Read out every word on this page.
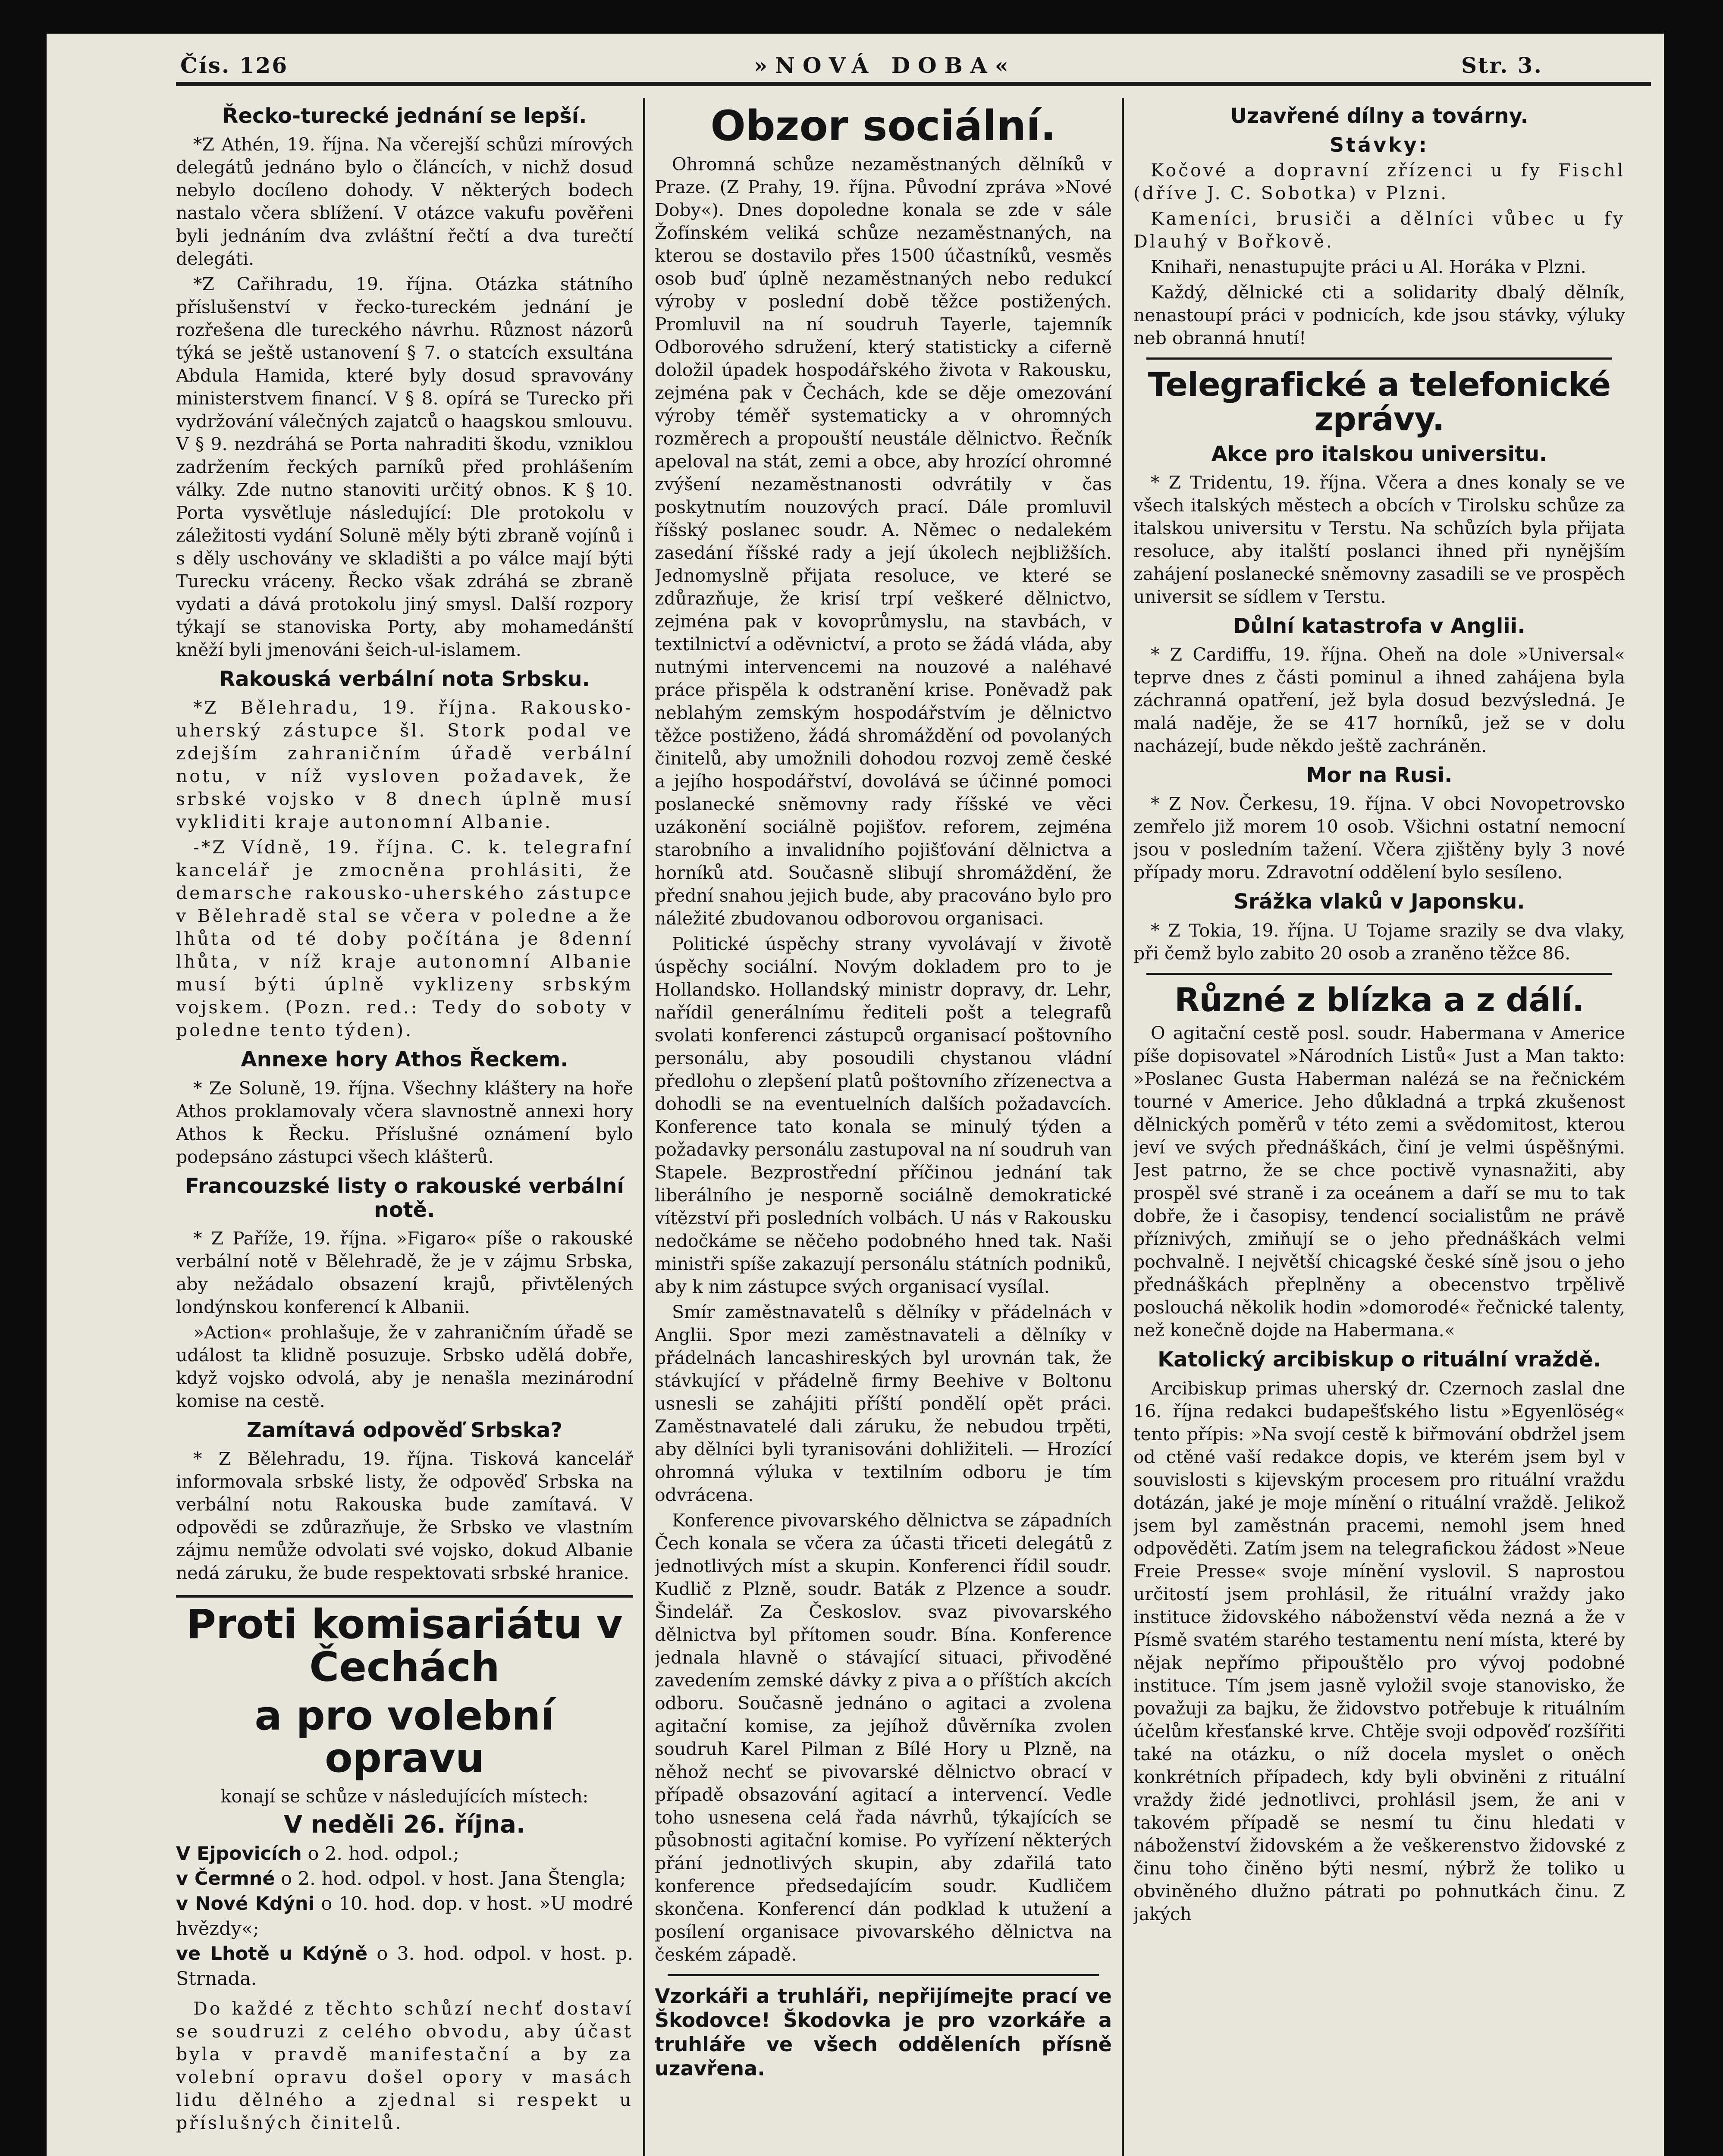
Čís. 126	»NOVÁ DOBA«	Str. 3.
Řecko-turecké jednání se lepší.

*Z Athén, 19. října. Na včerejší schůzi mírových delegátů jednáno bylo o článcích, v nichž dosud nebylo docíleno dohody. V některých bodech nastalo včera sblížení. V otázce vakufu pověřeni byli jednáním dva zvláštní řečtí a dva turečtí delegáti.

*Z Cařihradu, 19. října. Otázka státního příslušenství v řecko-tureckém jednání je rozřešena dle tureckého návrhu. Různost názorů týká se ještě ustanovení § 7. o statcích exsultána Abdula Hamida, které byly dosud spravovány ministerstvem financí. V § 8. opírá se Turecko při vydržování válečných zajatců o haagskou smlouvu. V § 9. nezdráhá se Porta nahraditi škodu, vzniklou zadržením řeckých parníků před prohlášením války. Zde nutno stanoviti určitý obnos. K § 10. Porta vysvětluje následující: Dle protokolu v záležitosti vydání Solunë měly býti zbraně vojínů i s děly uschovány ve skladišti a po válce mají býti Turecku vráceny. Řecko však zdráhá se zbraně vydati a dává protokolu jiný smysl. Další rozpory týkají se stanoviska Porty, aby mohamedánští kněží byli jmenováni šeich-ul-islamem.

Rakouská verbální nota Srbsku.

*Z Bělehradu, 19. října. Rakousko-uherský zástupce šl. Stork podal ve zdejším zahraničním úřadě verbální notu, v níž vysloven požadavek, že srbské vojsko v 8 dnech úplně musí vykliditi kraje autonomní Albanie.

-*Z Vídně, 19. října. C. k. telegrafní kancelář je zmocněna prohlásiti, že demarsche rakousko-uherského zástupce v Bělehradě stal se včera v poledne a že lhůta od té doby počítána je 8denní lhůta, v níž kraje autonomní Albanie musí býti úplně vyklizeny srbským vojskem. (Pozn. red.: Tedy do soboty v poledne tento týden).

Annexe hory Athos Řeckem.

* Ze Soluně, 19. října. Všechny kláštery na hoře Athos proklamovaly včera slavnostně annexi hory Athos k Řecku. Příslušné oznámení bylo podepsáno zástupci všech klášterů.

Francouzské listy o rakouské verbální notě.

* Z Paříže, 19. října. »Figaro« píše o rakouské verbální notě v Bělehradě, že je v zájmu Srbska, aby nežádalo obsazení krajů, přivtělených londýnskou konferencí k Albanii.

»Action« prohlašuje, že v zahraničním úřadě se událost ta klidně posuzuje. Srbsko udělá dobře, když vojsko odvolá, aby je nenašla mezinárodní komise na cestě.

Zamítavá odpověď Srbska?

* Z Bělehradu, 19. října. Tisková kancelář informovala srbské listy, že odpověď Srbska na verbální notu Rakouska bude zamítavá. V odpovědi se zdůrazňuje, že Srbsko ve vlastním zájmu nemůže odvolati své vojsko, dokud Albanie nedá záruku, že bude respektovati srbské hranice.

Proti komisariátu v Čechách
a pro volební opravu

konají se schůze v následujících místech:

V neděli 26. října.

V Ejpovicích o 2. hod. odpol.;

v Čermné o 2. hod. odpol. v host. Jana Štengla;

v Nové Kdýni o 10. hod. dop. v host. »U modré hvězdy«;

ve Lhotě u Kdýně o 3. hod. odpol. v host. p. Strnada.

Do každé z těchto schůzí nechť dostaví se soudruzi z celého obvodu, aby účast byla v pravdě manifestační a by za volební opravu došel opory v masách lidu dělného a zjednal si respekt u příslušných činitelů.

Obzor sociální.

Ohromná schůze nezaměstnaných dělníků v Praze. (Z Prahy, 19. října. Původní zpráva »Nové Doby«). Dnes dopoledne konala se zde v sále Žofínském veliká schůze nezaměstnaných, na kterou se dostavilo přes 1500 účastníků, vesměs osob buď úplně nezaměstnaných nebo redukcí výroby v poslední době těžce postižených. Promluvil na ní soudruh Tayerle, tajemník Odborového sdružení, který statisticky a ciferně doložil úpadek hospodářského života v Rakousku, zejména pak v Čechách, kde se děje omezování výroby téměř systematicky a v ohromných rozměrech a propouští neustále dělnictvo. Řečník apeloval na stát, zemi a obce, aby hrozící ohromné zvýšení nezaměstnanosti odvrátily v čas poskytnutím nouzových prací. Dále promluvil říšský poslanec soudr. A. Němec o nedalekém zasedání říšské rady a její úkolech nejbližších. Jednomyslně přijata resoluce, ve které se zdůrazňuje, že krisí trpí veškeré dělnictvo, zejména pak v kovoprůmyslu, na stavbách, v textilnictví a oděvnictví, a proto se žádá vláda, aby nutnými intervencemi na nouzové a naléhavé práce přispěla k odstranění krise. Poněvadž pak neblahým zemským hospodářstvím je dělnictvo těžce postiženo, žádá shromáždění od povolaných činitelů, aby umožnili dohodou rozvoj země české a jejího hospodářství, dovolává se účinné pomoci poslanecké sněmovny rady říšské ve věci uzákonění sociálně pojišťov. reforem, zejména starobního a invalidního pojišťování dělnictva a horníků atd. Současně slibují shromáždění, že přední snahou jejich bude, aby pracováno bylo pro náležité zbudovanou odborovou organisaci.

Politické úspěchy strany vyvolávají v životě úspěchy sociální. Novým dokladem pro to je Hollandsko. Hollandský ministr dopravy, dr. Lehr, nařídil generálnímu řediteli pošt a telegrafů svolati konferenci zástupců organisací poštovního personálu, aby posoudili chystanou vládní předlohu o zlepšení platů poštovního zřízenectva a dohodli se na eventuelních dalších požadavcích. Konference tato konala se minulý týden a požadavky personálu zastupoval na ní soudruh van Stapele. Bezprostřední příčinou jednání tak liberálního je nesporně sociálně demokratické vítězství při posledních volbách. U nás v Rakousku nedočkáme se něčeho podobného hned tak. Naši ministři spíše zakazují personálu státních podniků, aby k nim zástupce svých organisací vysílal.

Smír zaměstnavatelů s dělníky v přádelnách v Anglii. Spor mezi zaměstnavateli a dělníky v přádelnách lancashireských byl urovnán tak, že stávkující v přádelně firmy Beehive v Boltonu usnesli se zahájiti příští pondělí opět práci. Zaměstnavatelé dali záruku, že nebudou trpěti, aby dělníci byli tyranisováni dohližiteli. — Hrozící ohromná výluka v textilním odboru je tím odvrácena.

Konference pivovarského dělnictva se západních Čech konala se včera za účasti třiceti delegátů z jednotlivých míst a skupin. Konferenci řídil soudr. Kudlič z Plzně, soudr. Baták z Plzence a soudr. Šindelář. Za Českoslov. svaz pivovarského dělnictva byl přítomen soudr. Bína. Konference jednala hlavně o stávající situaci, přivoděné zavedením zemské dávky z piva a o příštích akcích odboru. Současně jednáno o agitaci a zvolena agitační komise, za jejíhož důvěrníka zvolen soudruh Karel Pilman z Bílé Hory u Plzně, na něhož nechť se pivovarské dělnictvo obrací v případě obsazování agitací a intervencí. Vedle toho usnesena celá řada návrhů, týkajících se působnosti agitační komise. Po vyřízení některých přání jednotlivých skupin, aby zdařilá tato konference předsedajícím soudr. Kudličem skončena. Konferencí dán podklad k utužení a posílení organisace pivovarského dělnictva na českém západě.

Vzorkáři a truhláři, nepřijímejte prací ve Škodovce! Škodovka je pro vzorkáře a truhláře ve všech odděleních přísně uzavřena.

Uzavřené dílny a továrny.
Stávky:

Kočové a dopravní zřízenci u fy Fischl (dříve J. C. Sobotka) v Plzni.

Kameníci, brusiči a dělníci vůbec u fy Dlauhý v Bořkově.

Knihaři, nenastupujte práci u Al. Horáka v Plzni.

Každý, dělnické cti a solidarity dbalý dělník, nenastoupí práci v podnicích, kde jsou stávky, výluky neb obranná hnutí!

Telegrafické a telefonické zprávy.
Akce pro italskou universitu.

* Z Tridentu, 19. října. Včera a dnes konaly se ve všech italských městech a obcích v Tirolsku schůze za italskou universitu v Terstu. Na schůzích byla přijata resoluce, aby italští poslanci ihned při nynějším zahájení poslanecké sněmovny zasadili se ve prospěch universit se sídlem v Terstu.

Důlní katastrofa v Anglii.

* Z Cardiffu, 19. října. Oheň na dole »Universal« teprve dnes z části pominul a ihned zahájena byla záchranná opatření, jež byla dosud bezvýsledná. Je malá naděje, že se 417 horníků, jež se v dolu nacházejí, bude někdo ještě zachráněn.

Mor na Rusi.

* Z Nov. Čerkesu, 19. října. V obci Novopetrovsko zemřelo již morem 10 osob. Všichni ostatní nemocní jsou v posledním tažení. Včera zjištěny byly 3 nové případy moru. Zdravotní oddělení bylo sesíleno.

Srážka vlaků v Japonsku.

* Z Tokia, 19. října. U Tojame srazily se dva vlaky, při čemž bylo zabito 20 osob a zraněno těžce 86.

Různé z blízka a z dálí.

O agitační cestě posl. soudr. Habermana v Americe píše dopisovatel »Národních Listů« Just a Man takto: »Poslanec Gusta Haberman nalézá se na řečnickém tourné v Americe. Jeho důkladná a trpká zkušenost dělnických poměrů v této zemi a svědomitost, kterou jeví ve svých přednáškách, činí je velmi úspěšnými. Jest patrno, že se chce poctivě vynasnažiti, aby prospěl své straně i za oceánem a daří se mu to tak dobře, že i časopisy, tendencí socialistům ne právě příznivých, zmiňují se o jeho přednáškách velmi pochvalně. I největší chicagské české síně jsou o jeho přednáškách přeplněny a obecenstvo trpělivě poslouchá několik hodin »domorodé« řečnické talenty, než konečně dojde na Habermana.«

Katolický arcibiskup o rituální vraždě.

Arcibiskup primas uherský dr. Czernoch zaslal dne 16. října redakci budapešťského listu »Egyenlöség« tento přípis: »Na svojí cestě k biřmování obdržel jsem od ctěné vaší redakce dopis, ve kterém jsem byl v souvislosti s kijevským procesem pro rituální vraždu dotázán, jaké je moje mínění o rituální vraždě. Jelikož jsem byl zaměstnán pracemi, nemohl jsem hned odpověděti. Zatím jsem na telegrafickou žádost »Neue Freie Presse« svoje mínění vyslovil. S naprostou určitostí jsem prohlásil, že rituální vraždy jako instituce židovského náboženství věda nezná a že v Písmě svatém starého testamentu není místa, které by nějak nepřímo připouštělo pro vývoj podobné instituce. Tím jsem jasně vyložil svoje stanovisko, že považuji za bajku, že židovstvo potřebuje k rituálním účelům křesťanské krve. Chtěje svoji odpověď rozšířiti také na otázku, o níž docela myslet o oněch konkrétních případech, kdy byli obviněni z rituální vraždy židé jednotlivci, prohlásil jsem, že ani v takovém případě se nesmí tu činu hledati v náboženství židovském a že veškerenstvo židovské z činu toho činěno býti nesmí, nýbrž že toliko u obviněného dlužno pátrati po pohnutkách činu. Z jakých
